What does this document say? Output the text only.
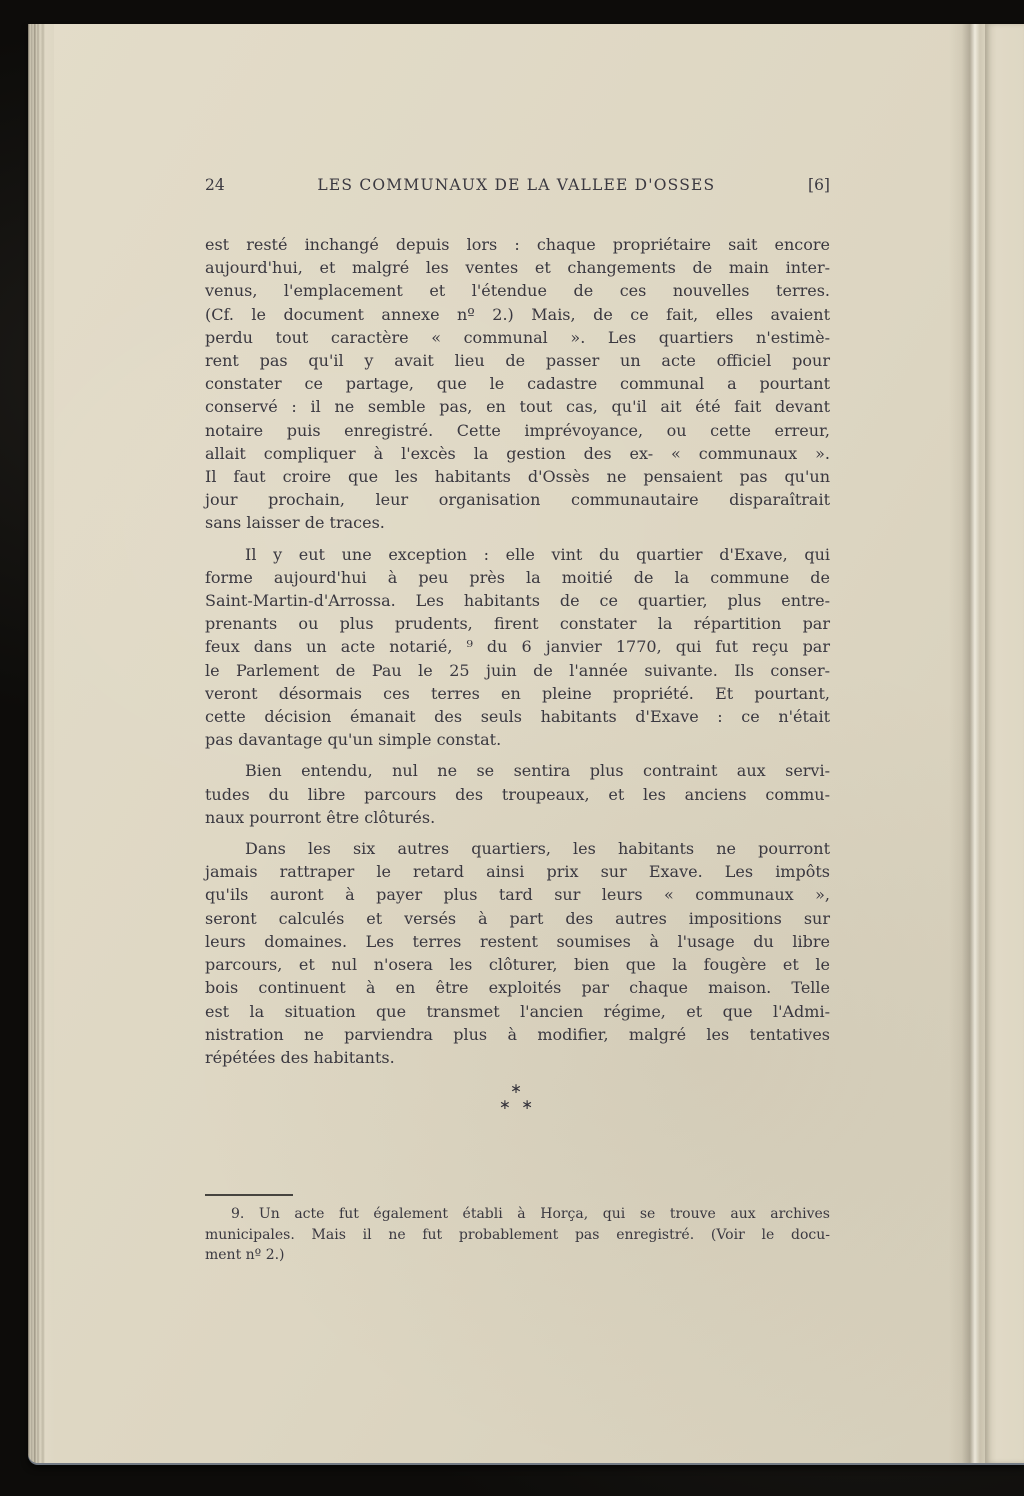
24	LES COMMUNAUX DE LA VALLEE D'OSSES	[6]
est resté inchangé depuis lors : chaque propriétaire sait encore
aujourd'hui, et malgré les ventes et changements de main inter-
venus, l'emplacement et l'étendue de ces nouvelles terres.
(Cf. le document annexe nº 2.) Mais, de ce fait, elles avaient
perdu tout caractère « communal ». Les quartiers n'estimè-
rent pas qu'il y avait lieu de passer un acte officiel pour
constater ce partage, que le cadastre communal a pourtant
conservé : il ne semble pas, en tout cas, qu'il ait été fait devant
notaire puis enregistré. Cette imprévoyance, ou cette erreur,
allait compliquer à l'excès la gestion des ex- « communaux ».
Il faut croire que les habitants d'Ossès ne pensaient pas qu'un
jour prochain, leur organisation communautaire disparaîtrait
sans laisser de traces.
Il y eut une exception : elle vint du quartier d'Exave, qui
forme aujourd'hui à peu près la moitié de la commune de
Saint-Martin-d'Arrossa. Les habitants de ce quartier, plus entre-
prenants ou plus prudents, firent constater la répartition par
feux dans un acte notarié, ⁹ du 6 janvier 1770, qui fut reçu par
le Parlement de Pau le 25 juin de l'année suivante. Ils conser-
veront désormais ces terres en pleine propriété. Et pourtant,
cette décision émanait des seuls habitants d'Exave : ce n'était
pas davantage qu'un simple constat.
Bien entendu, nul ne se sentira plus contraint aux servi-
tudes du libre parcours des troupeaux, et les anciens commu-
naux pourront être clôturés.
Dans les six autres quartiers, les habitants ne pourront
jamais rattraper le retard ainsi prix sur Exave. Les impôts
qu'ils auront à payer plus tard sur leurs « communaux »,
seront calculés et versés à part des autres impositions sur
leurs domaines. Les terres restent soumises à l'usage du libre
parcours, et nul n'osera les clôturer, bien que la fougère et le
bois continuent à en être exploités par chaque maison. Telle
est la situation que transmet l'ancien régime, et que l'Admi-
nistration ne parviendra plus à modifier, malgré les tentatives
répétées des habitants.
∗
∗ ∗
9. Un acte fut également établi à Horça, qui se trouve aux archives
municipales. Mais il ne fut probablement pas enregistré. (Voir le docu-
ment nº 2.)
